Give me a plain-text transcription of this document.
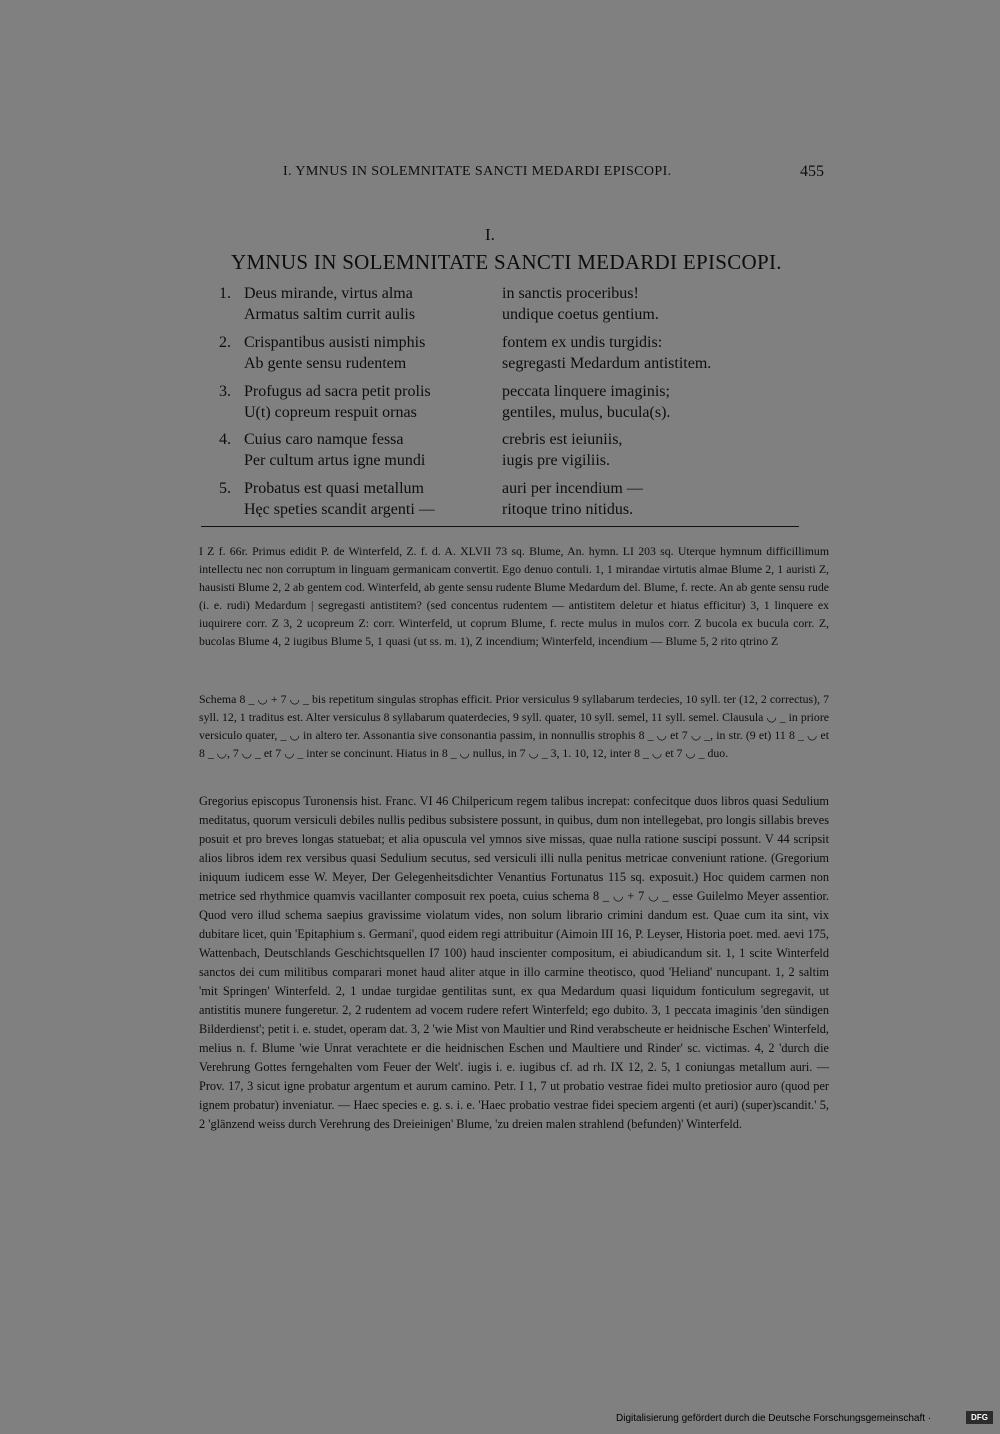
I. YMNUS IN SOLEMNITATE SANCTI MEDARDI EPISCOPI.	455
I.
YMNUS IN SOLEMNITATE SANCTI MEDARDI EPISCOPI.
1. Deus mirande, virtus alma	in sanctis proceribus!
Armatus saltim currit aulis	undique coetus gentium.
2. Crispantibus ausisti nimphis	fontem ex undis turgidis:
Ab gente sensu rudentem	segregasti Medardum antistitem.
3. Profugus ad sacra petit prolis	peccata linquere imaginis;
U(t) copreum respuit ornas	gentiles, mulus, bucula(s).
4. Cuius caro namque fessa	crebris est ieiuniis,
Per cultum artus igne mundi	iugis pre vigiliis.
5. Probatus est quasi metallum	auri per incendium —
Hęc speties scandit argenti —	ritoque trino nitidus.

I Z f. 66r. Primus edidit P. de Winterfeld, Z. f. d. A. XLVII 73 sq. Blume, An. hymn. LI 203 sq. Uterque hymnum difficillimum intellectu nec non corruptum in linguam germanicam convertit. Ego denuo contuli. 1, 1 mirandae virtutis almae Blume 2, 1 auristi Z, hausisti Blume 2, 2 ab gentem cod. Winterfeld, ab gente sensu rudente Blume Medardum del. Blume, f. recte. An ab gente sensu rude (i. e. rudi) Medardum | segregasti antistitem? (sed concentus rudentem — antistitem deletur et hiatus efficitur) 3, 1 linquere ex iuquirere corr. Z 3, 2 ucopreum Z: corr. Winterfeld, ut coprum Blume, f. recte mulus in mulos corr. Z bucola ex bucula corr. Z, bucolas Blume 4, 2 iugibus Blume 5, 1 quasi (ut ss. m. 1), Z incendium; Winterfeld, incendium — Blume 5, 2 rito qtrino Z

Schema 8 _ ◡ + 7 ◡ _ bis repetitum singulas strophas efficit. Prior versiculus 9 syllabarum terdecies, 10 syll. ter (12, 2 correctus), 7 syll. 12, 1 traditus est. Alter versiculus 8 syllabarum quaterdecies, 9 syll. quater, 10 syll. semel, 11 syll. semel. Clausula ◡ _ in priore versiculo quater, _ ◡ in altero ter. Assonantia sive consonantia passim, in nonnullis strophis 8 _ ◡ et 7 ◡ _, in str. (9 et) 11 8 _ ◡ et 8 _ ◡, 7 ◡ _ et 7 ◡ _ inter se concinunt. Hiatus in 8 _ ◡ nullus, in 7 ◡ _ 3, 1. 10, 12, inter 8 _ ◡ et 7 ◡ _ duo.

Gregorius episcopus Turonensis hist. Franc. VI 46 Chilpericum regem talibus increpat: confecitque duos libros quasi Sedulium meditatus, quorum versiculi debiles nullis pedibus subsistere possunt, in quibus, dum non intellegebat, pro longis sillabis breves posuit et pro breves longas statuebat; et alia opuscula vel ymnos sive missas, quae nulla ratione suscipi possunt. V 44 scripsit alios libros idem rex versibus quasi Sedulium secutus, sed versiculi illi nulla penitus metricae conveniunt ratione. (Gregorium iniquum iudicem esse W. Meyer, Der Gelegenheitsdichter Venantius Fortunatus 115 sq. exposuit.) Hoc quidem carmen non metrice sed rhythmice quamvis vacillanter composuit rex poeta, cuius schema 8 _ ◡ + 7 ◡ _ esse Guilelmo Meyer assentior. Quod vero illud schema saepius gravissime violatum vides, non solum librario crimini dandum est. Quae cum ita sint, vix dubitare licet, quin 'Epitaphium s. Germani', quod eidem regi attribuitur (Aimoin III 16, P. Leyser, Historia poet. med. aevi 175, Wattenbach, Deutschlands Geschichtsquellen I7 100) haud inscienter compositum, ei abiudicandum sit. 1, 1 scite Winterfeld sanctos dei cum militibus comparari monet haud aliter atque in illo carmine theotisco, quod 'Heliand' nuncupant. 1, 2 saltim 'mit Springen' Winterfeld. 2, 1 undae turgidae gentilitas sunt, ex qua Medardum quasi liquidum fonticulum segregavit, ut antistitis munere fungeretur. 2, 2 rudentem ad vocem rudere refert Winterfeld; ego dubito. 3, 1 peccata imaginis 'den sündigen Bilderdienst'; petit i. e. studet, operam dat. 3, 2 'wie Mist von Maultier und Rind verabscheute er heidnische Eschen' Winterfeld, melius n. f. Blume 'wie Unrat verachtete er die heidnischen Eschen und Maultiere und Rinder' sc. victimas. 4, 2 'durch die Verehrung Gottes ferngehalten vom Feuer der Welt'. iugis i. e. iugibus cf. ad rh. IX 12, 2. 5, 1 coniungas metallum auri. — Prov. 17, 3 sicut igne probatur argentum et aurum camino. Petr. I 1, 7 ut probatio vestrae fidei multo pretiosior auro (quod per ignem probatur) inveniatur. — Haec species e. g. s. i. e. 'Haec probatio vestrae fidei speciem argenti (et auri) (super)scandit.' 5, 2 'glänzend weiss durch Verehrung des Dreieinigen' Blume, 'zu dreien malen strahlend (befunden)' Winterfeld.

Digitalisierung gefördert durch die Deutsche Forschungsgemeinschaft ·	DFG
